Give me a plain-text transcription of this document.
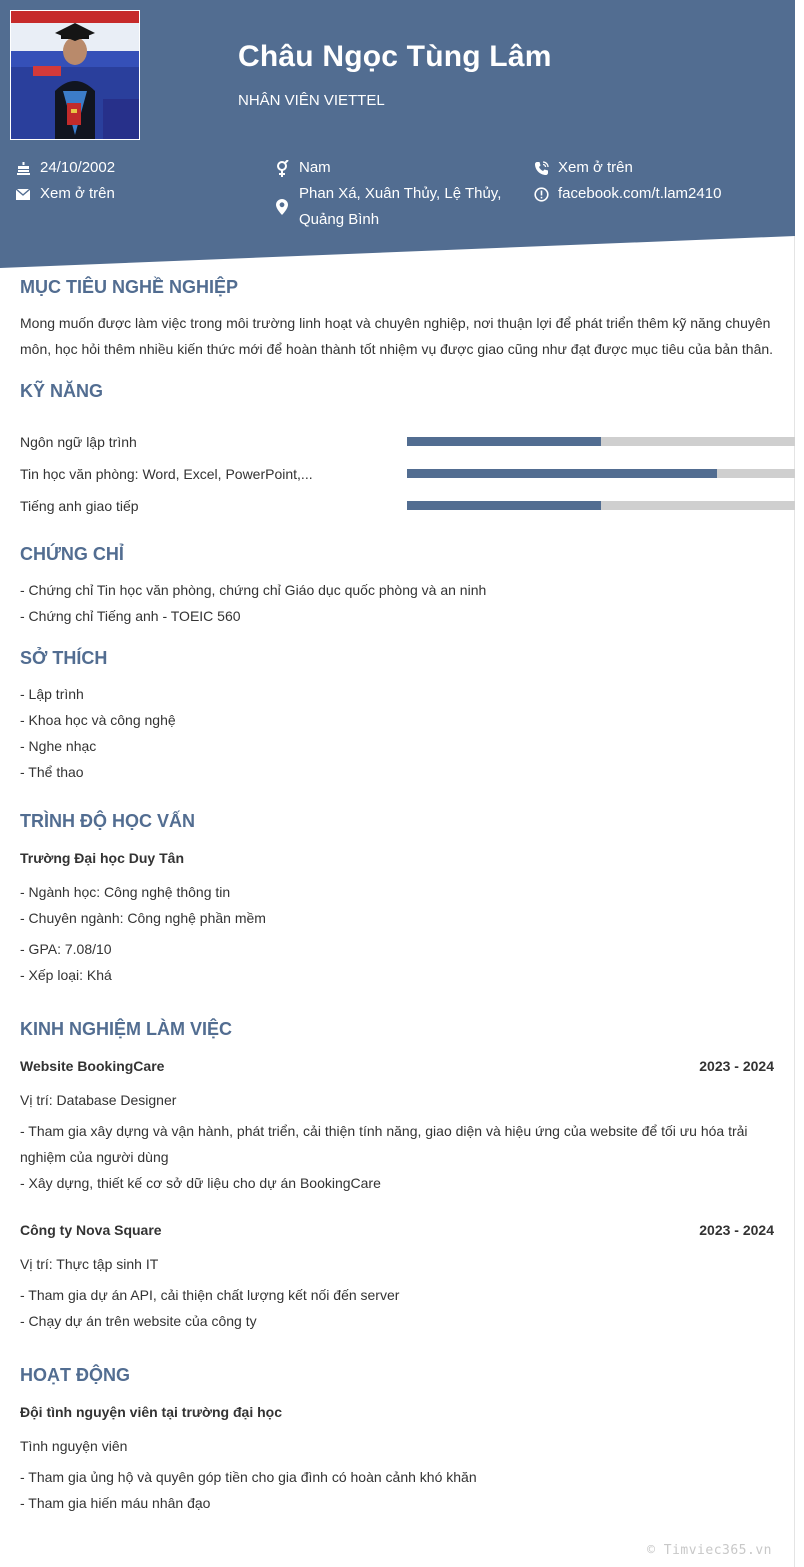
Châu Ngọc Tùng Lâm
NHÂN VIÊN VIETTEL
24/10/2002
Xem ở trên
Nam
Phan Xá, Xuân Thủy, Lệ Thủy,
Quảng Bình
Xem ở trên
facebook.com/t.lam2410
MỤC TIÊU NGHỀ NGHIỆP
Mong muốn được làm việc trong môi trường linh hoạt và chuyên nghiệp, nơi thuận lợi để phát triển thêm kỹ năng chuyên
môn, học hỏi thêm nhiều kiến thức mới để hoàn thành tốt nhiệm vụ được giao cũng như đạt được mục tiêu của bản thân.
KỸ NĂNG
Ngôn ngữ lập trình
Tin học văn phòng: Word, Excel, PowerPoint,...
Tiếng anh giao tiếp
CHỨNG CHỈ
- Chứng chỉ Tin học văn phòng, chứng chỉ Giáo dục quốc phòng và an ninh
- Chứng chỉ Tiếng anh - TOEIC 560
SỞ THÍCH
- Lập trình
- Khoa học và công nghệ
- Nghe nhạc
- Thể thao
TRÌNH ĐỘ HỌC VẤN
Trường Đại học Duy Tân
- Ngành học: Công nghệ thông tin
- Chuyên ngành: Công nghệ phần mềm
- GPA: 7.08/10
- Xếp loại: Khá
KINH NGHIỆM LÀM VIỆC
Website BookingCare	2023 - 2024
Vị trí: Database Designer
- Tham gia xây dựng và vận hành, phát triển, cải thiện tính năng, giao diện và hiệu ứng của website để tối ưu hóa trải
nghiệm của người dùng
- Xây dựng, thiết kế cơ sở dữ liệu cho dự án BookingCare
Công ty Nova Square	2023 - 2024
Vị trí: Thực tập sinh IT
- Tham gia dự án API, cải thiện chất lượng kết nối đến server
- Chạy dự án trên website của công ty
HOẠT ĐỘNG
Đội tình nguyện viên tại trường đại học
Tình nguyện viên
- Tham gia ủng hộ và quyên góp tiền cho gia đình có hoàn cảnh khó khăn
- Tham gia hiến máu nhân đạo
© Timviec365.vn
